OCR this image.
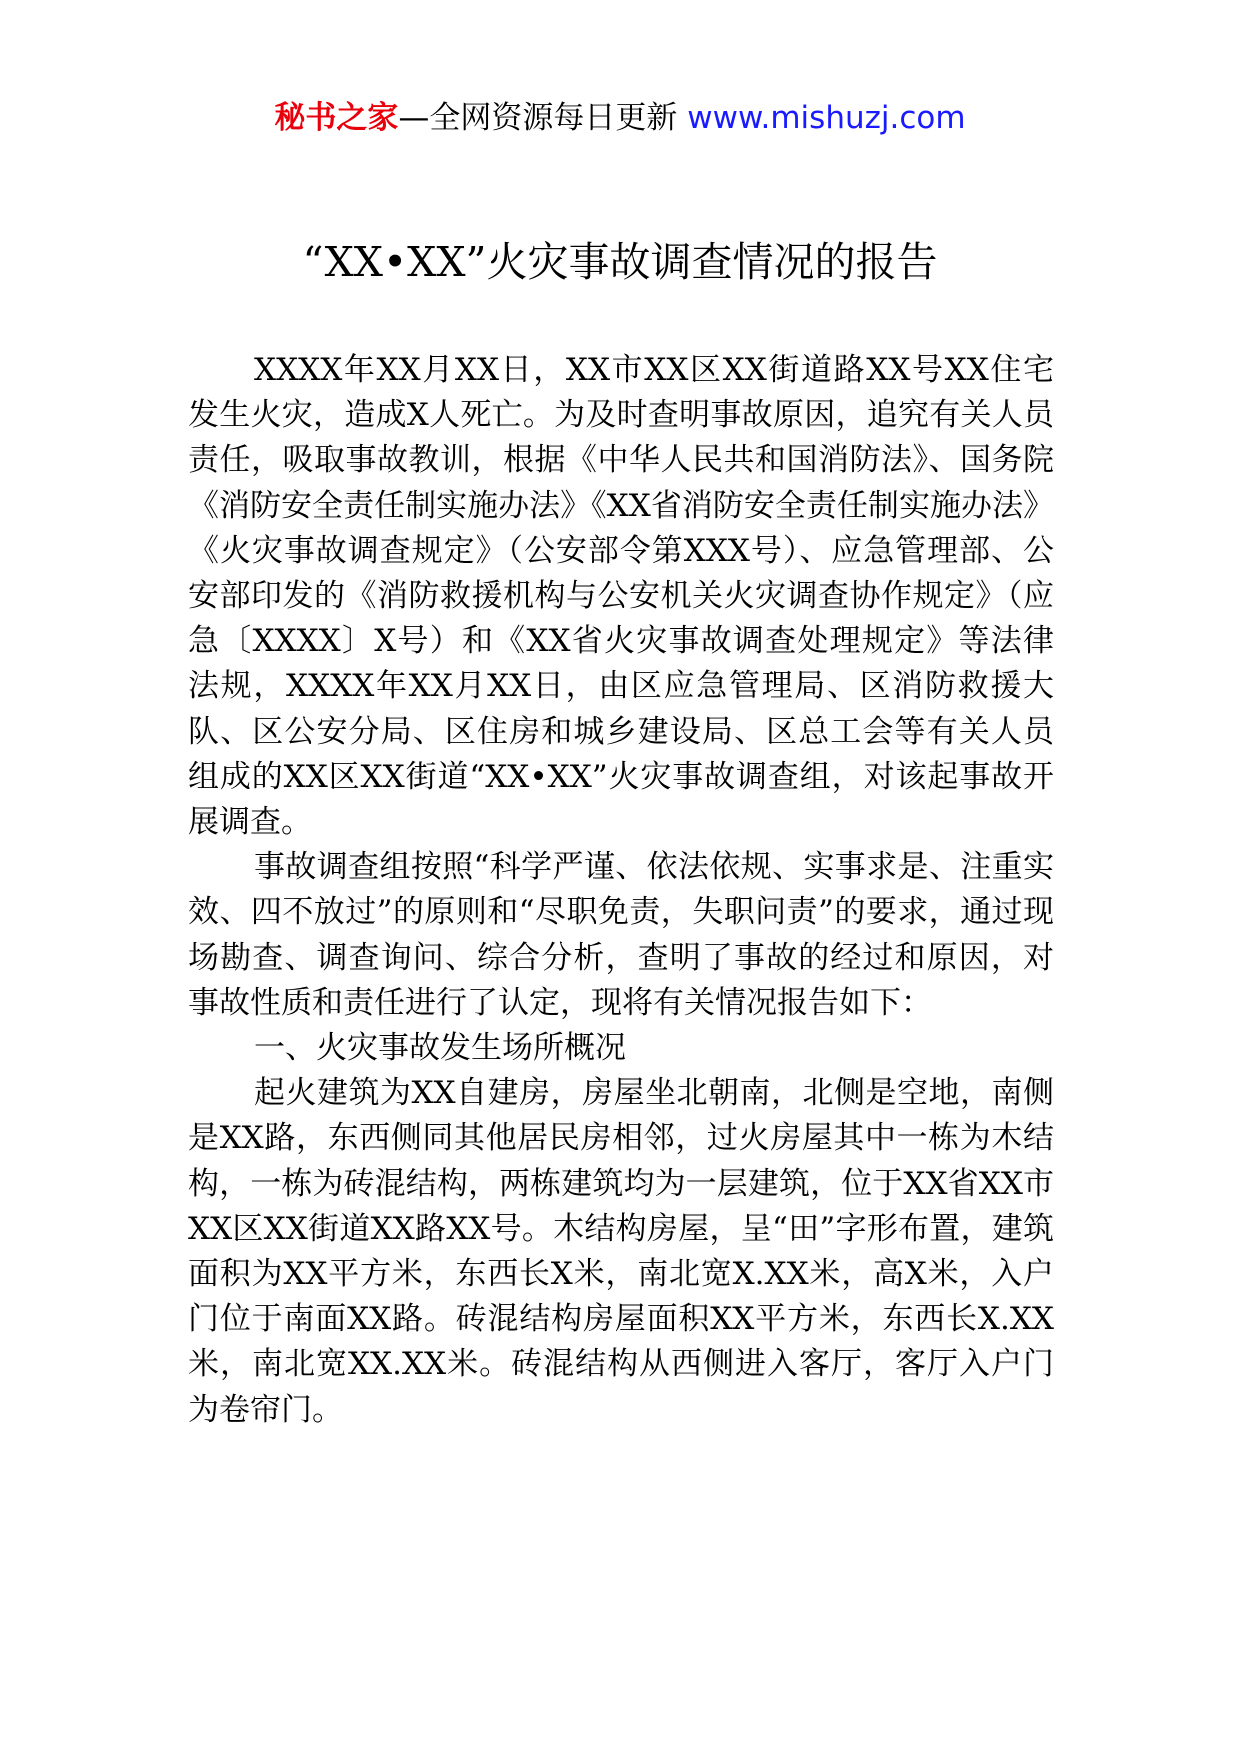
秘书之家—全网资源每日更新 www.mishuzj.com
“XX•XX”火灾事故调查情况的报告

XXXX年XX月XX日，XX市XX区XX街道路XX号XX住宅发生火灾，造成X人死亡。为及时查明事故原因，追究有关人员责任，吸取事故教训，根据《中华人民共和国消防法》、国务院《消防安全责任制实施办法》《XX省消防安全责任制实施办法》《火灾事故调查规定》（公安部令第XXX号）、应急管理部、公安部印发的《消防救援机构与公安机关火灾调查协作规定》（应急〔XXXX〕X号）和《XX省火灾事故调查处理规定》等法律法规，XXXX年XX月XX日，由区应急管理局、区消防救援大队、区公安分局、区住房和城乡建设局、区总工会等有关人员组成的XX区XX街道“XX•XX”火灾事故调查组，对该起事故开展调查。

事故调查组按照“科学严谨、依法依规、实事求是、注重实效、四不放过”的原则和“尽职免责，失职问责”的要求，通过现场勘查、调查询问、综合分析，查明了事故的经过和原因，对事故性质和责任进行了认定，现将有关情况报告如下：

一、火灾事故发生场所概况

起火建筑为XX自建房，房屋坐北朝南，北侧是空地，南侧是XX路，东西侧同其他居民房相邻，过火房屋其中一栋为木结构，一栋为砖混结构，两栋建筑均为一层建筑，位于XX省XX市XX区XX街道XX路XX号。木结构房屋，呈“田”字形布置，建筑面积为XX平方米，东西长X米，南北宽X.XX米，高X米，入户门位于南面XX路。砖混结构房屋面积XX平方米，东西长X.XX米，南北宽XX.XX米。砖混结构从西侧进入客厅，客厅入户门为卷帘门。
